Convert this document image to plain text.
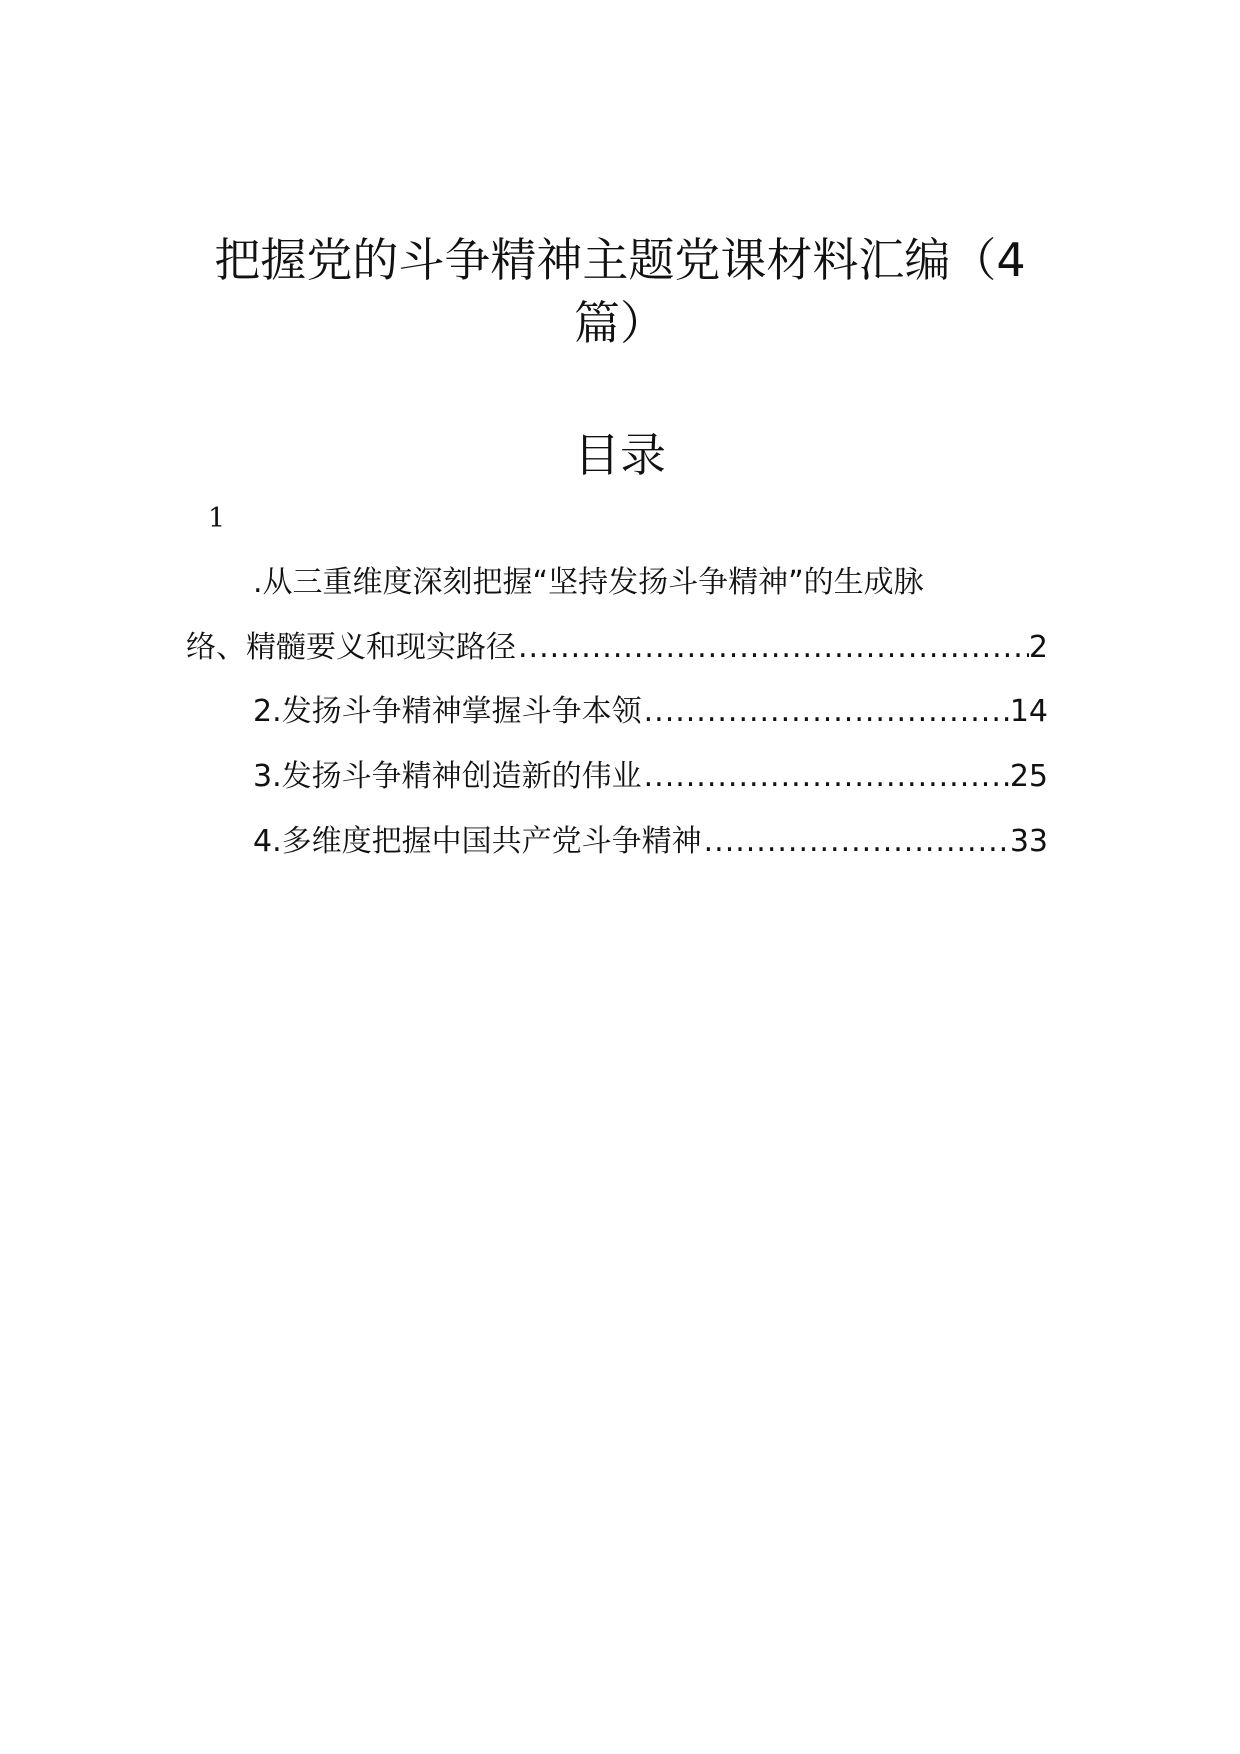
把握党的斗争精神主题党课材料汇编（4
篇）
目录
1
.从三重维度深刻把握“坚持发扬斗争精神”的生成脉
络、精髓要义和现实路径 .....	2
2.发扬斗争精神掌握斗争本领 .....	14
3.发扬斗争精神创造新的伟业 .....	25
4.多维度把握中国共产党斗争精神 .....	33
